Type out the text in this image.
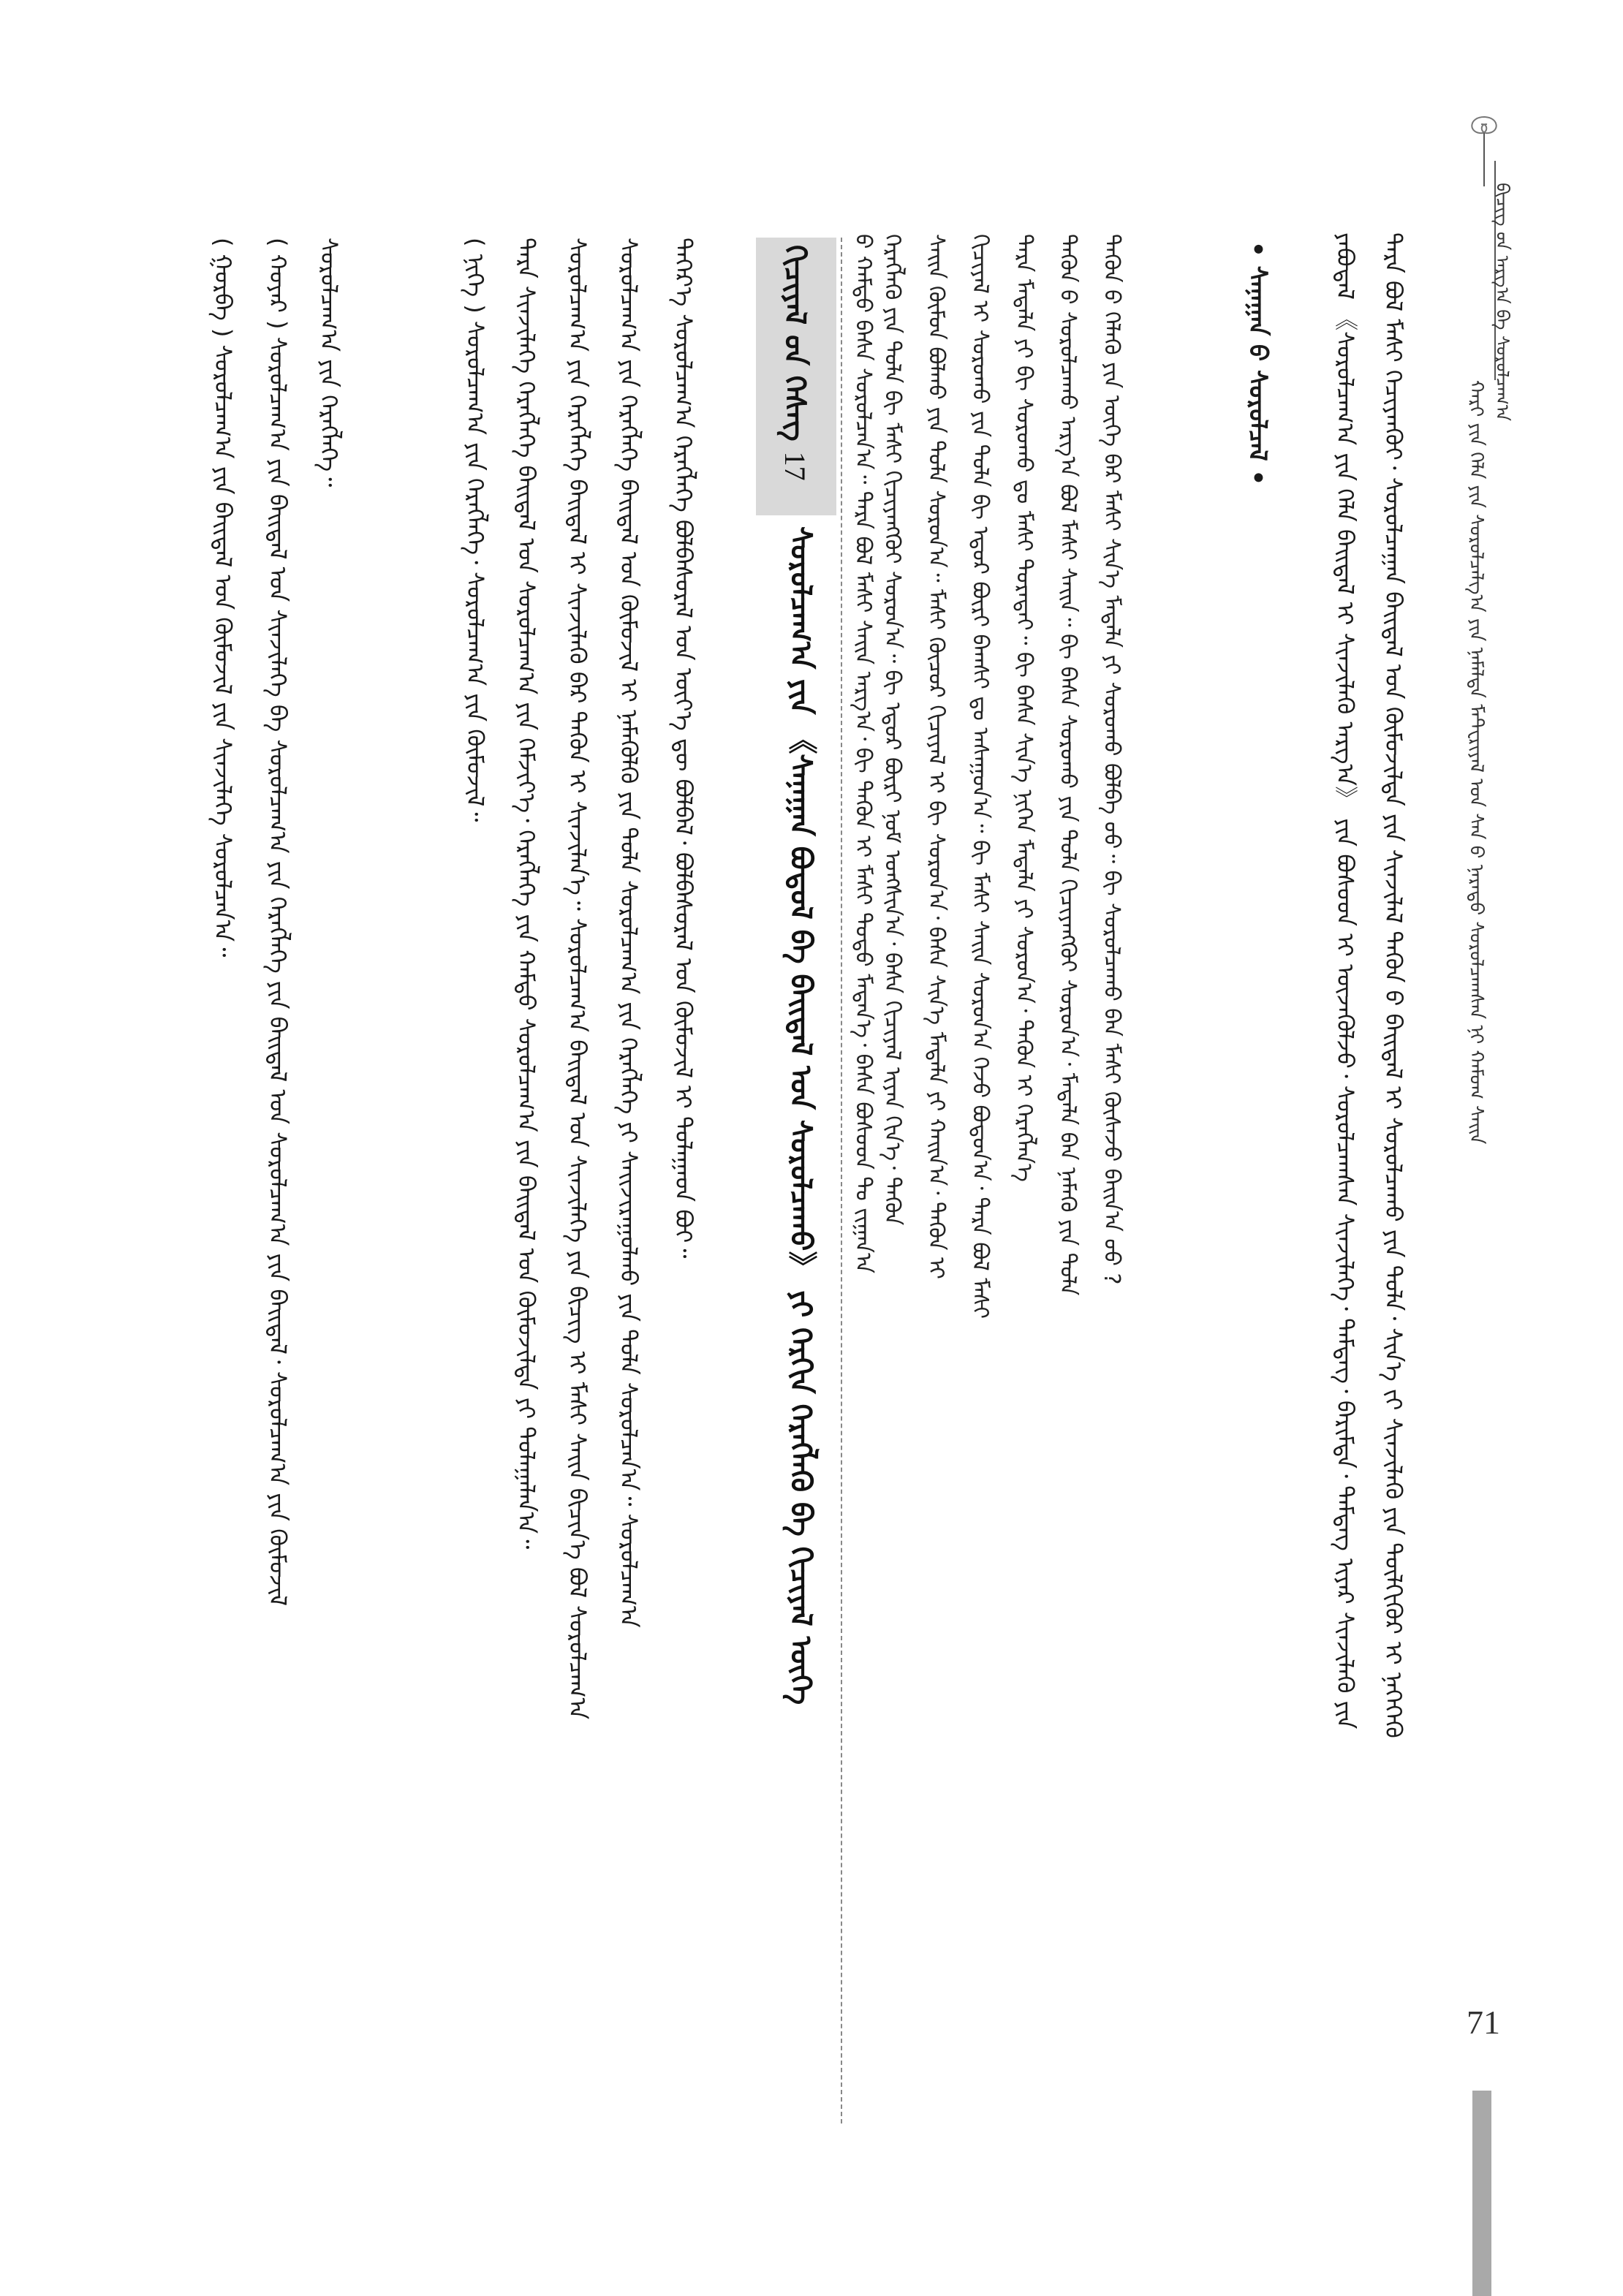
ᠬᠠᠷᠢ ᠶᠢᠨ ᠬᠡᠯᠡ ᠶᠢᠨ ᠰᠤᠷᠤᠯᠴᠠᠯᠭ᠎ᠠ ᠶᠢᠨ ᠨᠡᠮᠡᠯᠲᠡ ᠮᠠᠲᠸᠷᠢᠶᠠᠯ ᠤᠨ ᠰᠠᠨ ᠤ᠋ ᠨᠡᠷᠡᠲᠦ ᠰᠤᠷᠤᠯᠴᠠᠭᠰᠠᠨ ᠨᠢ ᠬᠠᠮᠤᠭ ᠰᠠᠢᠨ
ᠪᠢᠴᠢᠭ ᠤ᠋ᠨ ᠠᠷᠭ᠎ᠠ ᠪᠠ ᠰᠤᠷᠤᠯᠴᠠᠭ᠎ᠠ
ᠲᠡᠷᠡ ᠪᠤᠯ ᠮᠠᠰᠢ ᠬᠡᠴᠢᠶᠡᠨᠬᠦᠢ᠂ ᠰᠤᠷᠤᠯᠴᠠᠭᠠᠨ ᠪᠠᠢᠳᠠᠯ ᠤᠨ ᠬᠦᠮᠦᠵᠢᠯᠲᠡ ᠶᠢᠨ ᠰᠢᠨᠵᠢᠯᠡᠯ ᠲᠡᠭᠦᠨ ᠤ᠋ ᠪᠠᠢᠳᠠᠯ ᠢ ᠰᠤᠷᠤᠯᠴᠠᠬᠤ ᠶᠢᠨ ᠲᠤᠯᠠ᠂ ᠰᠢᠨ᠎ᠡ ᠵᠢ ᠰᠢᠨᠵᠢᠯᠡᠬᠦ ᠶᠢᠨ ᠲᠦᠯᠬᠢᠭᠦᠷ ᠢ ᠨᠡᠭᠡᠭᠡᠬᠦ
ᠶᠠᠪᠤᠳᠠᠯ 《ᠰᠤᠷᠤᠯᠴᠠᠭ᠎ᠠ ᠶᠢᠨ ᠬᠡᠯᠡ ᠪᠠᠢᠳᠠᠯ ᠢ ᠰᠢᠨᠵᠢᠯᠡᠬᠦ ᠠᠷᠭ᠎ᠠ》 ᠶᠢᠨ ᠪᠤᠰᠤᠳ ᠢ ᠦᠵᠡᠭᠦᠯᠵᠦ᠂ ᠰᠤᠷᠤᠯᠴᠠᠭᠰᠠᠨ ᠰᠢᠨᠵᠢᠯᠡᠭᠡ᠂ ᠲᠡᠮᠳᠡᠭ᠂ ᠪᠠᠷᠢᠮᠲᠠ᠂ ᠲᠡᠮᠳᠡᠭ ᠢᠶᠡᠷ ᠰᠢᠨᠵᠢᠯᠡᠬᠦ ᠶᠢᠨ
• ᠰᠠᠨᠠᠭᠠᠨ ᠤ᠋ ᠰᠤᠷᠤᠯᠴᠠᠯ •
ᠲᠡᠭᠦᠨ ᠤ᠋ ᠬᠡᠯᠡᠬᠦ ᠶᠢᠨ ᠦᠭᠡ ᠪᠠᠷ ᠮᠠᠰᠢ ᠰᠢᠨ᠎ᠡ ᠮᠡᠳᠡᠯᠡ ᠶᠢ ᠰᠤᠷᠤᠬᠤ ᠪᠤᠯᠪᠠ ᠤᠤ᠃ ᠪᠢ ᠰᠤᠷᠤᠯᠴᠠᠬᠤ ᠪᠠᠨ ᠮᠠᠰᠢ ᠬᠦᠰᠡᠵᠦ ᠪᠠᠢᠨ᠎ᠠ ᠤᠤ ?
ᠲᠡᠭᠦᠨ ᠤ᠋ ᠰᠤᠷᠤᠯᠴᠠᠬᠤ ᠠᠷᠭ᠎ᠠ ᠪᠤᠯ ᠮᠠᠰᠢ ᠰᠠᠢᠨ᠃ ᠪᠢ ᠪᠠᠰᠠ ᠰᠤᠷᠤᠬᠤ ᠶᠢᠨ ᠲᠤᠯᠠ ᠬᠢᠴᠢᠶᠡᠩᠭᠦᠢ ᠰᠤᠷᠤᠨ᠎ᠠ᠂ ᠮᠡᠳᠡᠯᠡ ᠪᠠᠨ ᠨᠡᠮᠡᠬᠦ ᠶᠢᠨ ᠲᠤᠯᠠ
ᠲᠡᠷᠡ ᠮᠡᠳᠡᠯᠡ ᠶᠢ ᠪᠢ ᠰᠤᠷᠤᠬᠤ ᠳᠤ ᠮᠠᠰᠢ ᠳᠤᠷᠠᠲᠠᠢ᠃ ᠪᠢ ᠪᠠᠰᠠ ᠰᠢᠨ᠎ᠡ ᠨᠢᠭᠡᠨ ᠮᠡᠳᠡᠯᠡ ᠶᠢ ᠰᠤᠷᠤᠨ᠎ᠠ᠂ ᠲᠡᠭᠦᠨ ᠢ ᠬᠡᠷᠡᠭᠯᠡᠨ᠎ᠡ
ᠬᠢᠴᠢᠶᠡᠯ ᠢ ᠰᠤᠷᠤᠬᠤ ᠶᠢᠨ ᠲᠤᠯᠠ ᠪᠢ ᠡᠳᠦᠷ ᠪᠦᠷᠢ ᠪᠠᠭᠰᠢ ᠳᠤ ᠠᠰᠠᠭᠤᠨ᠎ᠠ᠃ ᠪᠢ ᠮᠠᠰᠢ ᠰᠠᠢᠨ ᠰᠤᠷᠤᠨ᠎ᠠ ᠭᠡᠵᠦ ᠪᠤᠳᠤᠨ᠎ᠠ᠂ ᠲᠡᠷᠡ ᠪᠤᠯ ᠮᠠᠰᠢ
ᠰᠠᠢᠨ ᠬᠦᠮᠦᠨ ᠪᠤᠯᠬᠤ ᠶᠢᠨ ᠲᠤᠯᠠ ᠰᠤᠷᠤᠨ᠎ᠠ᠃ ᠮᠠᠰᠢ ᠬᠦᠴᠦᠷ ᠬᠢᠴᠢᠶᠡᠯ ᠢ ᠪᠢ ᠰᠤᠷᠤᠨ᠎ᠠ᠂ ᠪᠠᠰᠠ ᠰᠢᠨ᠎ᠡ ᠮᠡᠳᠡᠯᠡ ᠶᠢ ᠬᠠᠢᠨ᠎ᠠ᠂ ᠲᠡᠭᠦᠨ ᠢ
ᠬᠡᠷᠡᠭᠯᠡᠬᠦ ᠶᠢᠨ ᠲᠤᠯᠠ ᠪᠢ ᠮᠠᠰᠢ ᠬᠢᠴᠢᠶᠡᠩᠭᠦᠢ ᠰᠤᠷᠤᠨ᠎ᠠ᠃ ᠪᠢ ᠡᠳᠦᠷ ᠪᠦᠷᠢ ᠨᠣᠮ ᠤᠩᠰᠢᠨ᠎ᠠ᠂ ᠪᠠᠰᠠ ᠬᠢᠴᠢᠶᠡᠯ ᠢᠶᠡᠨ ᠬᠢᠨ᠎ᠡ᠂ ᠲᠡᠭᠦᠨ
ᠤ᠋ ᠬᠠᠮᠲᠤ ᠪᠠᠰᠠ ᠰᠤᠷᠤᠯᠴᠠᠨ᠎ᠠ᠃ ᠲᠡᠷᠡ ᠪᠤᠯ ᠮᠠᠰᠢ ᠰᠠᠢᠨ ᠠᠷᠭ᠎ᠠ᠂ ᠪᠢ ᠲᠡᠭᠦᠨ ᠢ ᠮᠠᠰᠢ ᠲᠣᠳᠣ ᠮᠡᠳᠡᠨ᠎ᠡ᠂ ᠪᠠᠰᠠ ᠪᠤᠰᠤᠳ ᠲᠤ ᠵᠢᠭᠠᠨ᠎ᠠ
ᠬᠢᠴᠢᠶᠡᠯ ᠤ᠋ᠨ ᠬᠡᠰᠡᠭ 17
ᠰᠤᠷᠤᠯᠴᠠᠭ᠎ᠠ ᠶᠢᠨ 《ᠰᠠᠨᠠᠭᠠᠨ ᠪᠤᠳᠤᠯ ᠪᠠ ᠪᠠᠢᠳᠠᠯ ᠤᠨ ᠰᠤᠷᠤᠯᠴᠠᠬᠤ》 ᠶᠢ ᠬᠡᠷᠬᠢᠨ ᠬᠡᠷᠡᠭᠯᠡᠬᠦ ᠪᠡ ᠬᠢᠴᠢᠶᠡᠯ ᠦᠭᠡ
ᠳᠡᠭᠡᠷ᠎ᠡ ᠰᠤᠷᠤᠯᠴᠠᠭ᠎ᠠ ᠬᠡᠷᠡᠭᠯᠡᠭᠡ ᠪᠤᠯᠪᠠᠰᠤᠷᠠᠯ ᠤᠨ ᠦᠶ᠎ᠡ ᠳᠦ ᠪᠤᠯᠪᠠᠯ᠂ ᠪᠤᠯᠪᠠᠰᠤᠷᠠᠯ ᠤᠨ ᠬᠦᠮᠦᠵᠢᠯ ᠢ ᠲᠤᠯᠠᠭᠠᠳ ᠪᠤᠢ᠃
ᠰᠤᠷᠤᠯᠴᠠᠭ᠎ᠠ ᠶᠢᠨ ᠬᠡᠷᠡᠭᠯᠡᠭᠡ ᠪᠠᠢᠳᠠᠯ ᠤᠨ ᠬᠦᠮᠦᠵᠢᠯ ᠢ ᠨᠡᠮᠡᠭᠦᠯᠬᠦ ᠶᠢᠨ ᠲᠤᠯᠠ ᠰᠤᠷᠤᠯᠴᠠᠭ᠎ᠠ ᠶᠢᠨ ᠬᠡᠷᠡᠭᠯᠡᠭᠡ ᠶᠢ ᠰᠠᠢᠵᠢᠷᠠᠭᠤᠯᠬᠤ ᠶᠢᠨ ᠲᠤᠯᠠ ᠰᠤᠷᠤᠯᠴᠠᠨ᠎ᠠ᠃ ᠰᠤᠷᠤᠯᠴᠠᠭ᠎ᠠ
ᠰᠤᠷᠤᠯᠴᠠᠭ᠎ᠠ ᠶᠢᠨ ᠬᠡᠷᠡᠭᠯᠡᠭᠡ ᠪᠠᠢᠳᠠᠯ ᠢ ᠰᠢᠨᠵᠢᠯᠡᠬᠦ ᠪᠡᠷ ᠲᠡᠭᠦᠨ ᠢ ᠰᠢᠨᠵᠢᠯᠡᠨ᠎ᠡ᠃ ᠰᠤᠷᠤᠯᠴᠠᠭ᠎ᠠ ᠪᠠᠢᠳᠠᠯ ᠤᠨ ᠰᠢᠨᠵᠢᠯᠡᠭᠡ ᠶᠢᠨ ᠪᠢᠴᠢᠭ ᠢ ᠮᠠᠰᠢ ᠰᠠᠢᠨ ᠪᠢᠴᠢᠨ᠎ᠡ ᠪᠤᠯ ᠰᠤᠷᠤᠯᠴᠠᠭ᠎ᠠ
ᠲᠡᠷᠡ ᠰᠢᠨᠵᠢᠯᠡᠭᠡ ᠬᠡᠷᠡᠭᠯᠡᠭᠡ ᠪᠠᠢᠳᠠᠯ ᠤᠨ ᠰᠤᠷᠤᠯᠴᠠᠭ᠎ᠠ ᠶᠢᠨ ᠬᠡᠮᠵᠢᠶ᠎ᠡ᠂ ᠬᠡᠷᠡᠭᠯᠡᠭᠡ ᠶᠢᠨ ᠬᠠᠮᠲᠤ ᠰᠤᠷᠤᠯᠴᠠᠭ᠎ᠠ ᠶᠢᠨ ᠪᠠᠢᠳᠠᠯ ᠤᠨ ᠬᠦᠮᠦᠵᠢᠯᠲᠡ ᠶᠢ ᠲᠤᠯᠠᠭᠠᠯᠠᠨ᠎ᠠ᠃
( ᠨᠢᠭᠡ ) ᠰᠤᠷᠤᠯᠴᠠᠭ᠎ᠠ ᠶᠢᠨ ᠬᠡᠷᠡᠭᠯᠡᠭᠡ᠂ ᠰᠤᠷᠤᠯᠴᠠᠭ᠎ᠠ ᠶᠢᠨ ᠬᠦᠮᠦᠵᠢᠯ᠃
ᠰᠤᠷᠤᠯᠴᠠᠭ᠎ᠠ ᠶᠢᠨ ᠬᠡᠷᠡᠭᠯᠡᠭᠡ᠃
( ᠬᠤᠶᠠᠷ ) ᠰᠤᠷᠤᠯᠴᠠᠭ᠎ᠠ ᠶᠢᠨ ᠪᠠᠢᠳᠠᠯ ᠤᠨ ᠰᠢᠨᠵᠢᠯᠡᠭᠡ ᠪᠠ ᠰᠤᠷᠤᠯᠴᠠᠭ᠎ᠠ ᠶᠢᠨ ᠬᠡᠷᠡᠭᠯᠡᠭᠡ ᠶᠢᠨ ᠪᠠᠢᠳᠠᠯ ᠤᠨ ᠰᠤᠷᠤᠯᠴᠠᠭ᠎ᠠ ᠶᠢᠨ ᠪᠠᠢᠳᠠᠯ᠂ ᠰᠤᠷᠤᠯᠴᠠᠭ᠎ᠠ ᠶᠢᠨ ᠬᠦᠮᠦᠵᠢᠯ
( ᠭᠤᠷᠪᠠ ) ᠰᠤᠷᠤᠯᠴᠠᠭ᠎ᠠ ᠶᠢᠨ ᠪᠠᠢᠳᠠᠯ ᠤᠨ ᠬᠦᠮᠦᠵᠢᠯ ᠶᠢᠨ ᠰᠢᠨᠵᠢᠯᠡᠭᠡ ᠰᠤᠷᠤᠯᠴᠠᠨ᠎ᠠ᠃
71
